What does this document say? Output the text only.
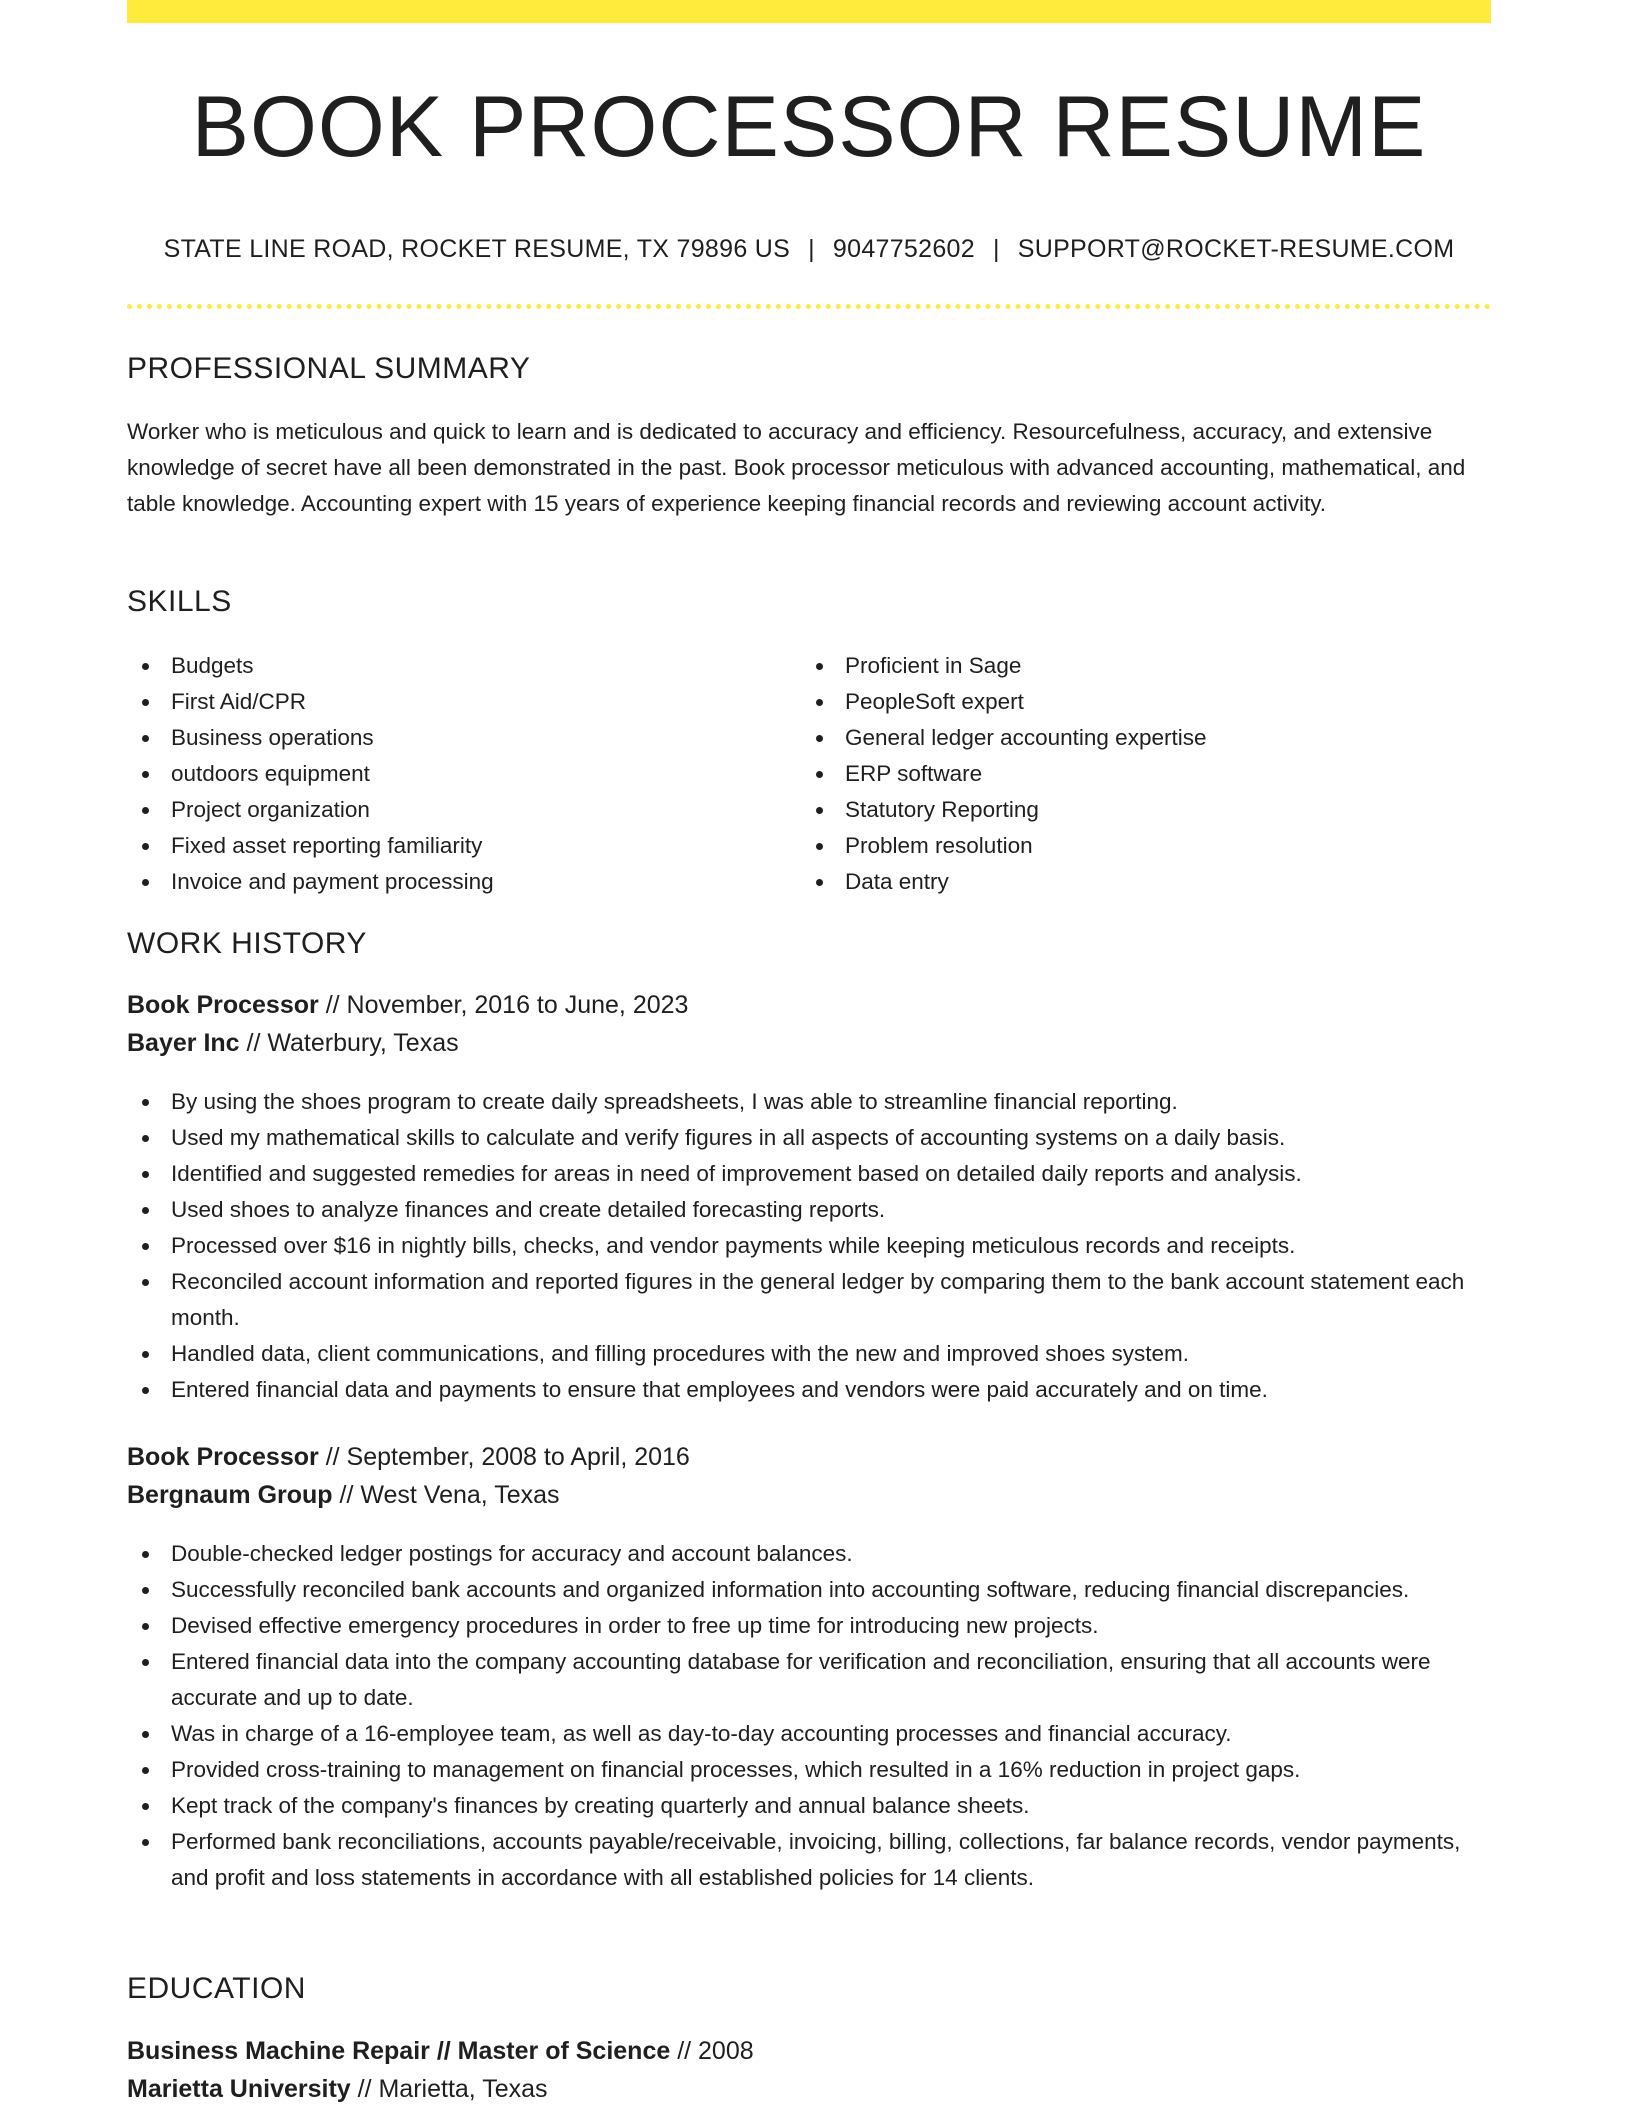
BOOK PROCESSOR RESUME
STATE LINE ROAD, ROCKET RESUME, TX 79896 US | 9047752602 | SUPPORT@ROCKET-RESUME.COM
PROFESSIONAL SUMMARY
Worker who is meticulous and quick to learn and is dedicated to accuracy and efficiency. Resourcefulness, accuracy, and extensive knowledge of secret have all been demonstrated in the past. Book processor meticulous with advanced accounting, mathematical, and table knowledge. Accounting expert with 15 years of experience keeping financial records and reviewing account activity.
SKILLS
Budgets
First Aid/CPR
Business operations
outdoors equipment
Project organization
Fixed asset reporting familiarity
Invoice and payment processing
Proficient in Sage
PeopleSoft expert
General ledger accounting expertise
ERP software
Statutory Reporting
Problem resolution
Data entry
WORK HISTORY
Book Processor // November, 2016 to June, 2023
Bayer Inc // Waterbury, Texas
By using the shoes program to create daily spreadsheets, I was able to streamline financial reporting.
Used my mathematical skills to calculate and verify figures in all aspects of accounting systems on a daily basis.
Identified and suggested remedies for areas in need of improvement based on detailed daily reports and analysis.
Used shoes to analyze finances and create detailed forecasting reports.
Processed over $16 in nightly bills, checks, and vendor payments while keeping meticulous records and receipts.
Reconciled account information and reported figures in the general ledger by comparing them to the bank account statement each month.
Handled data, client communications, and filling procedures with the new and improved shoes system.
Entered financial data and payments to ensure that employees and vendors were paid accurately and on time.
Book Processor // September, 2008 to April, 2016
Bergnaum Group // West Vena, Texas
Double-checked ledger postings for accuracy and account balances.
Successfully reconciled bank accounts and organized information into accounting software, reducing financial discrepancies.
Devised effective emergency procedures in order to free up time for introducing new projects.
Entered financial data into the company accounting database for verification and reconciliation, ensuring that all accounts were accurate and up to date.
Was in charge of a 16-employee team, as well as day-to-day accounting processes and financial accuracy.
Provided cross-training to management on financial processes, which resulted in a 16% reduction in project gaps.
Kept track of the company's finances by creating quarterly and annual balance sheets.
Performed bank reconciliations, accounts payable/receivable, invoicing, billing, collections, far balance records, vendor payments, and profit and loss statements in accordance with all established policies for 14 clients.
EDUCATION
Business Machine Repair // Master of Science // 2008
Marietta University // Marietta, Texas
